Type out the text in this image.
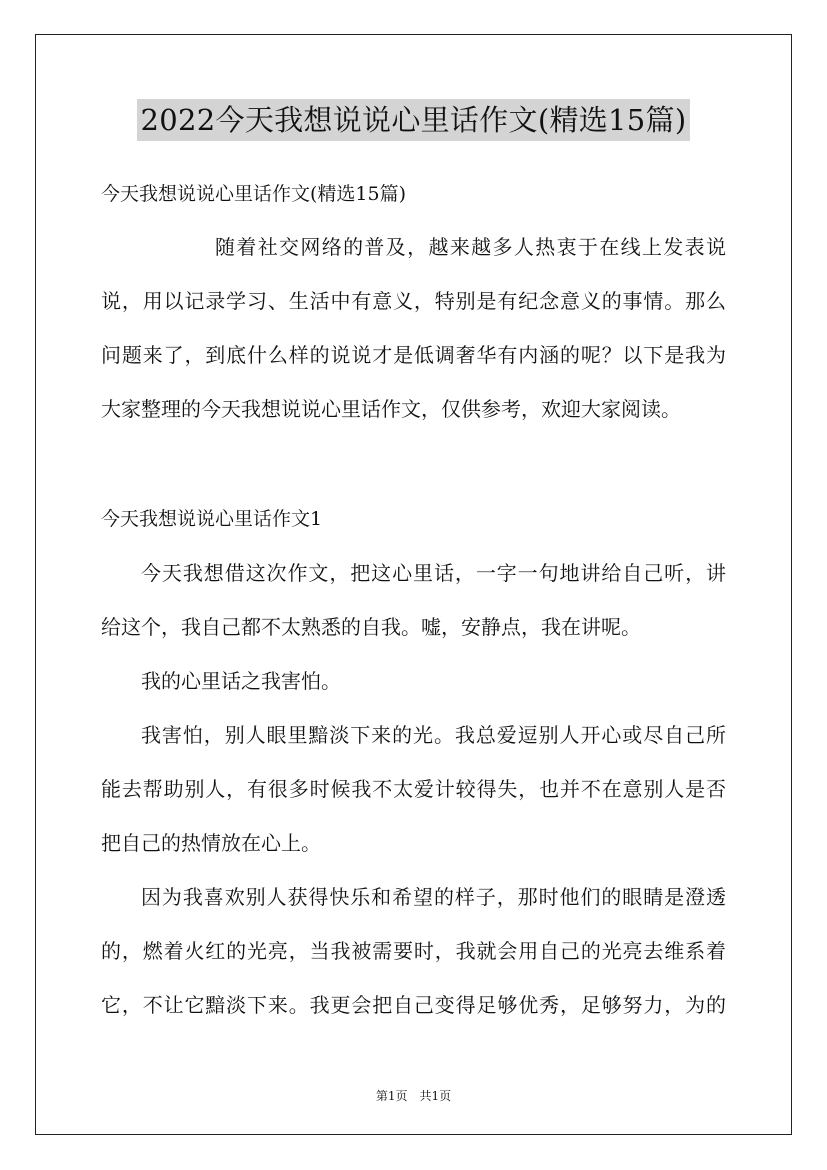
2022今天我想说说心里话作文(精选15篇)

今天我想说说心里话作文(精选15篇)

随着社交网络的普及，越来越多人热衷于在线上发表说

说，用以记录学习、生活中有意义，特别是有纪念意义的事情。那么

问题来了，到底什么样的说说才是低调奢华有内涵的呢？以下是我为

大家整理的今天我想说说心里话作文，仅供参考，欢迎大家阅读。

今天我想说说心里话作文1

今天我想借这次作文，把这心里话，一字一句地讲给自己听，讲

给这个，我自己都不太熟悉的自我。嘘，安静点，我在讲呢。

我的心里话之我害怕。

我害怕，别人眼里黯淡下来的光。我总爱逗别人开心或尽自己所

能去帮助别人，有很多时候我不太爱计较得失，也并不在意别人是否

把自己的热情放在心上。

因为我喜欢别人获得快乐和希望的样子，那时他们的眼睛是澄透

的，燃着火红的光亮，当我被需要时，我就会用自己的光亮去维系着

它，不让它黯淡下来。我更会把自己变得足够优秀，足够努力，为的

第1页 共1页
